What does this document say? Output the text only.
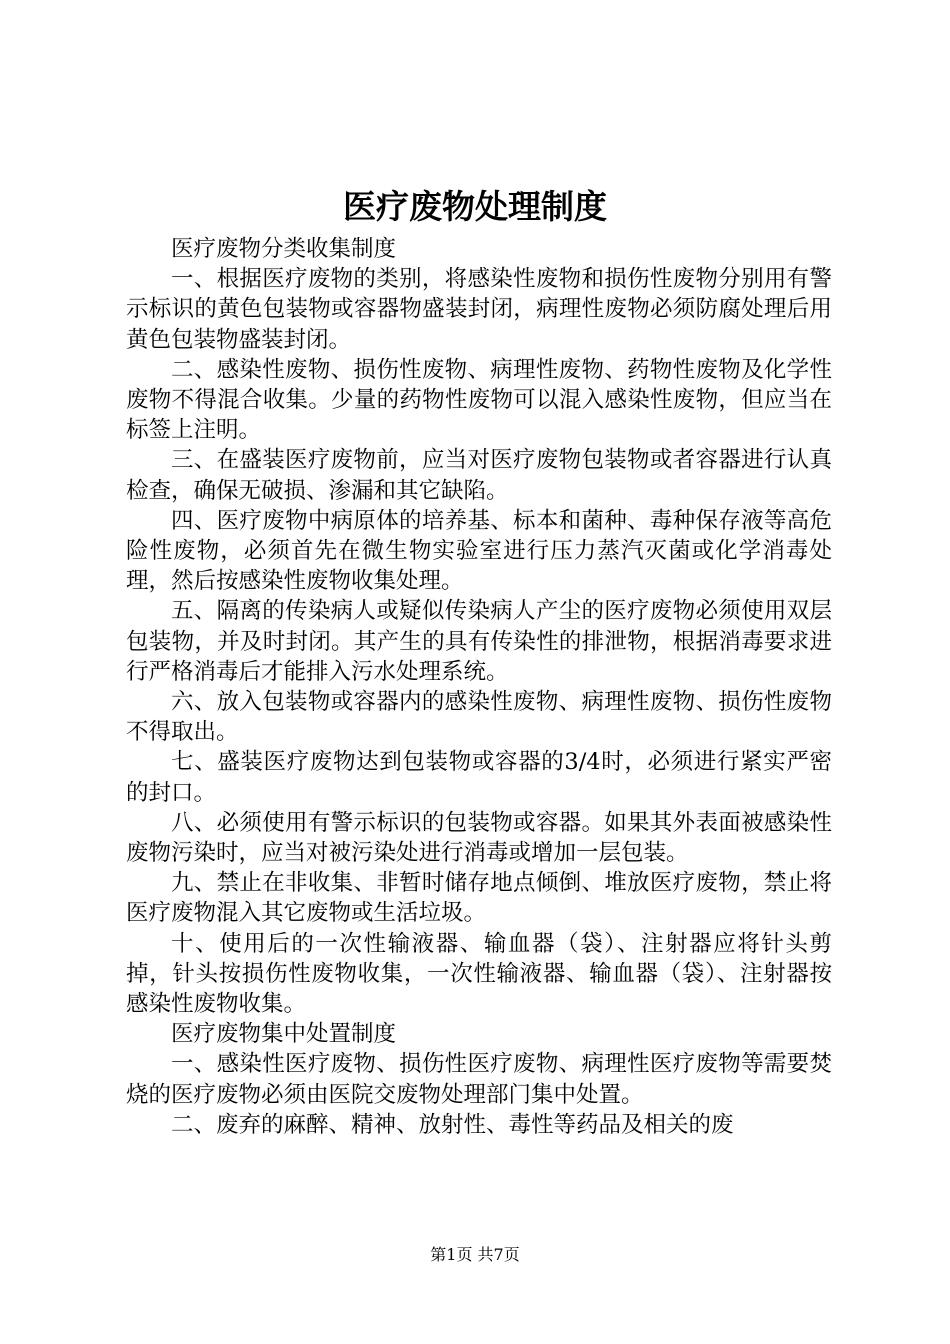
医疗废物处理制度

医疗废物分类收集制度

一、根据医疗废物的类别，将感染性废物和损伤性废物分别用有警示标识的黄色包装物或容器物盛装封闭，病理性废物必须防腐处理后用黄色包装物盛装封闭。

二、感染性废物、损伤性废物、病理性废物、药物性废物及化学性废物不得混合收集。少量的药物性废物可以混入感染性废物，但应当在标签上注明。

三、在盛装医疗废物前，应当对医疗废物包装物或者容器进行认真检查，确保无破损、渗漏和其它缺陷。

四、医疗废物中病原体的培养基、标本和菌种、毒种保存液等高危险性废物，必须首先在微生物实验室进行压力蒸汽灭菌或化学消毒处理，然后按感染性废物收集处理。

五、隔离的传染病人或疑似传染病人产尘的医疗废物必须使用双层包装物，并及时封闭。其产生的具有传染性的排泄物，根据消毒要求进行严格消毒后才能排入污水处理系统。

六、放入包装物或容器内的感染性废物、病理性废物、损伤性废物不得取出。

七、盛装医疗废物达到包装物或容器的3/4时，必须进行紧实严密的封口。

八、必须使用有警示标识的包装物或容器。如果其外表面被感染性废物污染时，应当对被污染处进行消毒或增加一层包装。

九、禁止在非收集、非暂时储存地点倾倒、堆放医疗废物，禁止将医疗废物混入其它废物或生活垃圾。

十、使用后的一次性输液器、输血器（袋）、注射器应将针头剪掉，针头按损伤性废物收集，一次性输液器、输血器（袋）、注射器按感染性废物收集。

医疗废物集中处置制度

一、感染性医疗废物、损伤性医疗废物、病理性医疗废物等需要焚烧的医疗废物必须由医院交废物处理部门集中处置。

二、废弃的麻醉、精神、放射性、毒性等药品及相关的废

第1页 共7页
